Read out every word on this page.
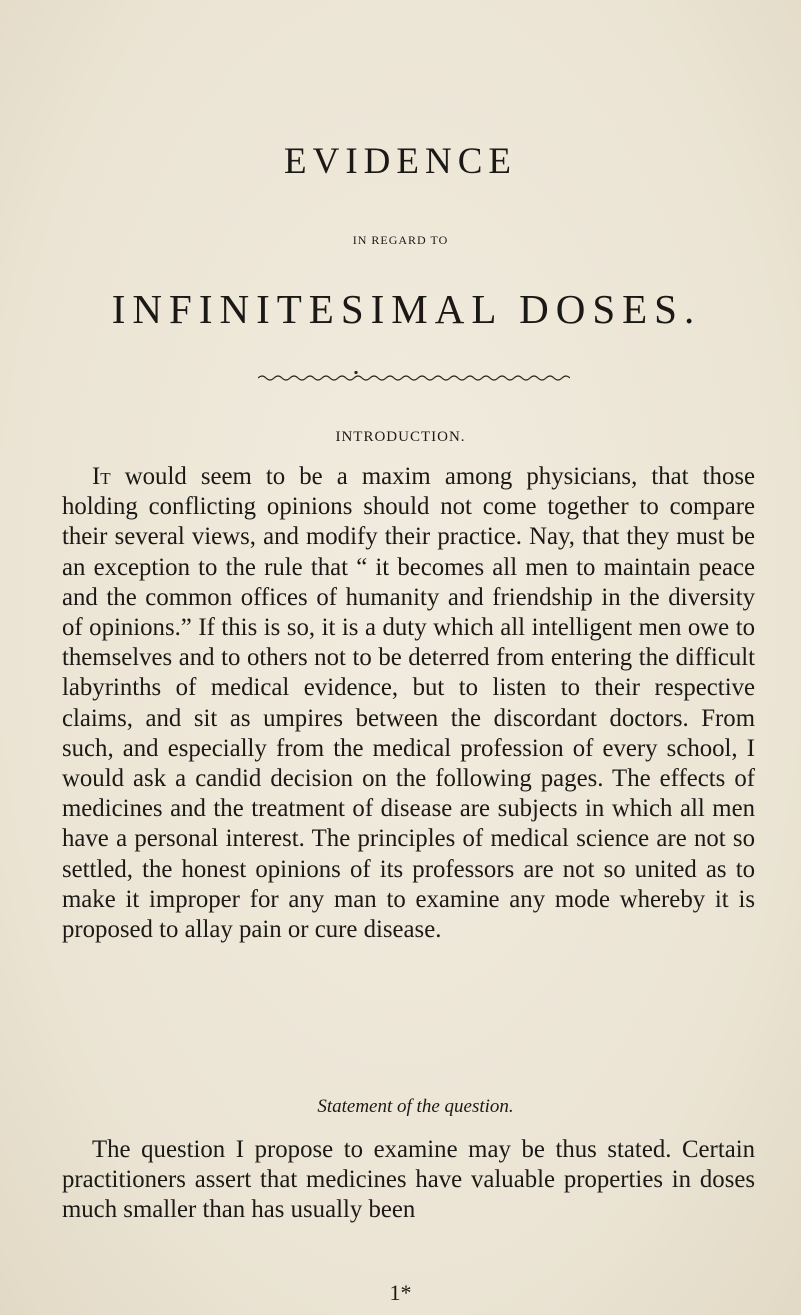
EVIDENCE
IN REGARD TO
INFINITESIMAL DOSES.
INTRODUCTION.

It would seem to be a maxim among physicians, that those holding conflicting opinions should not come together to compare their several views, and modify their practice. Nay, that they must be an exception to the rule that “ it becomes all men to maintain peace and the common offices of humanity and friendship in the diversity of opinions.” If this is so, it is a duty which all intelligent men owe to themselves and to others not to be deterred from entering the difficult labyrinths of medical evidence, but to listen to their respective claims, and sit as umpires between the discordant doctors. From such, and especially from the medical profession of every school, I would ask a candid decision on the following pages. The effects of medicines and the treatment of disease are subjects in which all men have a personal interest. The principles of medical science are not so settled, the honest opinions of its professors are not so united as to make it improper for any man to examine any mode whereby it is proposed to allay pain or cure disease.

Statement of the question.

The question I propose to examine may be thus stated. Certain practitioners assert that medicines have valuable properties in doses much smaller than has usually been

1*
